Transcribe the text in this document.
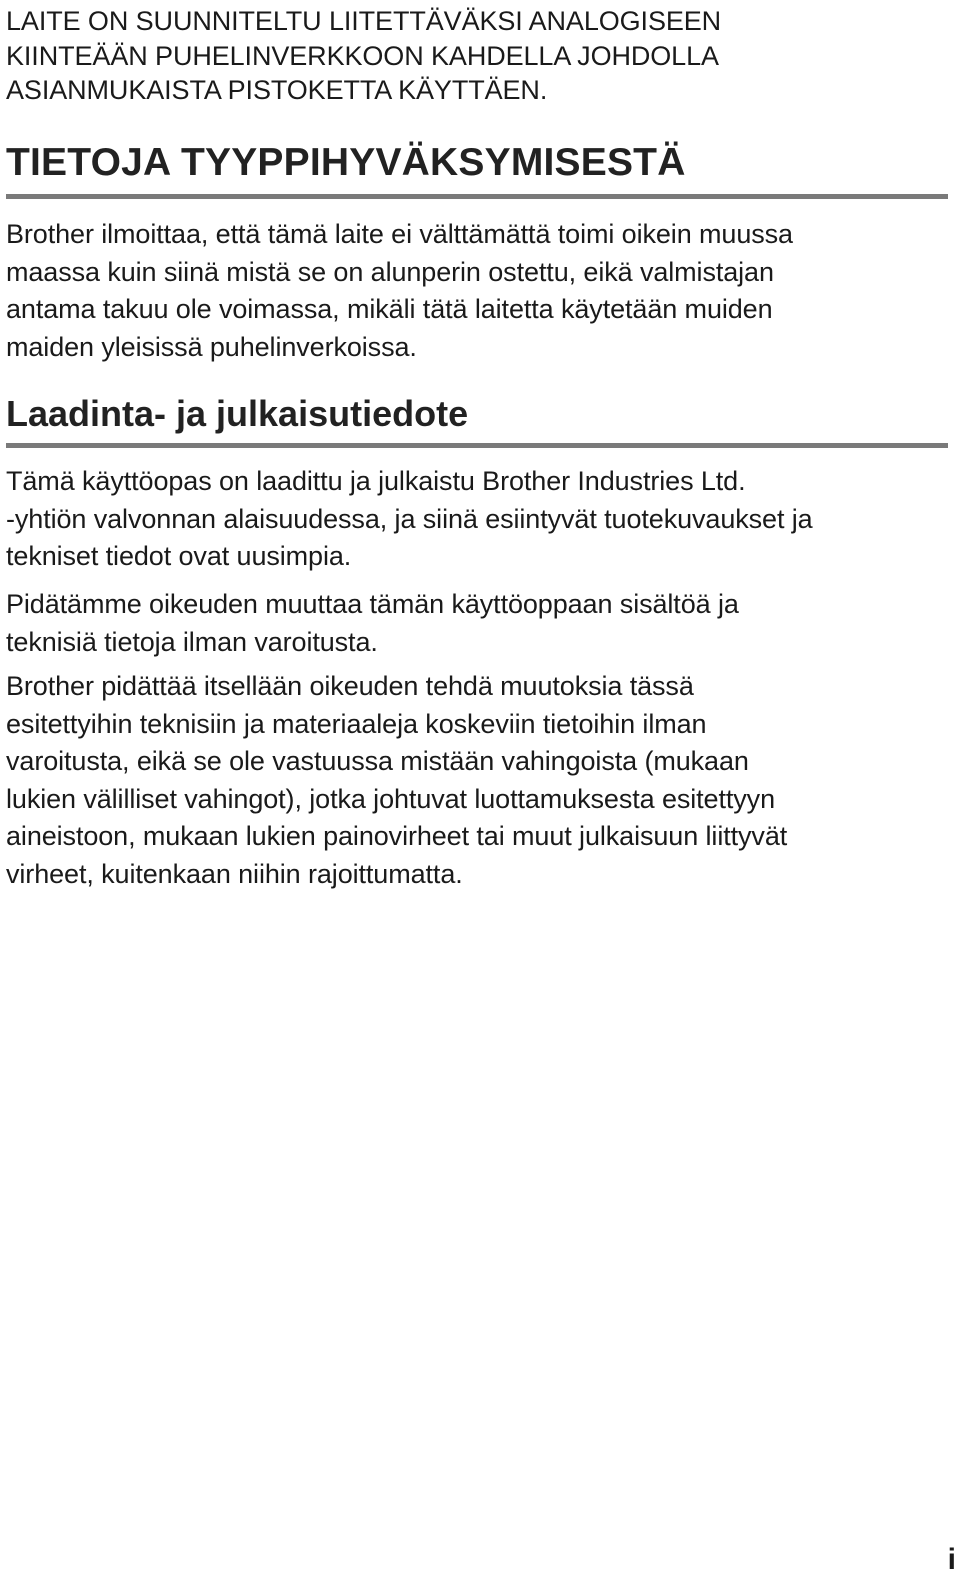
LAITE ON SUUNNITELTU LIITETTÄVÄKSI ANALOGISEEN
KIINTEÄÄN PUHELINVERKKOON KAHDELLA JOHDOLLA
ASIANMUKAISTA PISTOKETTA KÄYTTÄEN.

TIETOJA TYYPPIHYVÄKSYMISESTÄ

Brother ilmoittaa, että tämä laite ei välttämättä toimi oikein muussa
maassa kuin siinä mistä se on alunperin ostettu, eikä valmistajan
antama takuu ole voimassa, mikäli tätä laitetta käytetään muiden
maiden yleisissä puhelinverkoissa.

Laadinta- ja julkaisutiedote

Tämä käyttöopas on laadittu ja julkaistu Brother Industries Ltd.
-yhtiön valvonnan alaisuudessa, ja siinä esiintyvät tuotekuvaukset ja
tekniset tiedot ovat uusimpia.

Pidätämme oikeuden muuttaa tämän käyttöoppaan sisältöä ja
teknisiä tietoja ilman varoitusta.

Brother pidättää itsellään oikeuden tehdä muutoksia tässä
esitettyihin teknisiin ja materiaaleja koskeviin tietoihin ilman
varoitusta, eikä se ole vastuussa mistään vahingoista (mukaan
lukien välilliset vahingot), jotka johtuvat luottamuksesta esitettyyn
aineistoon, mukaan lukien painovirheet tai muut julkaisuun liittyvät
virheet, kuitenkaan niihin rajoittumatta.

i
